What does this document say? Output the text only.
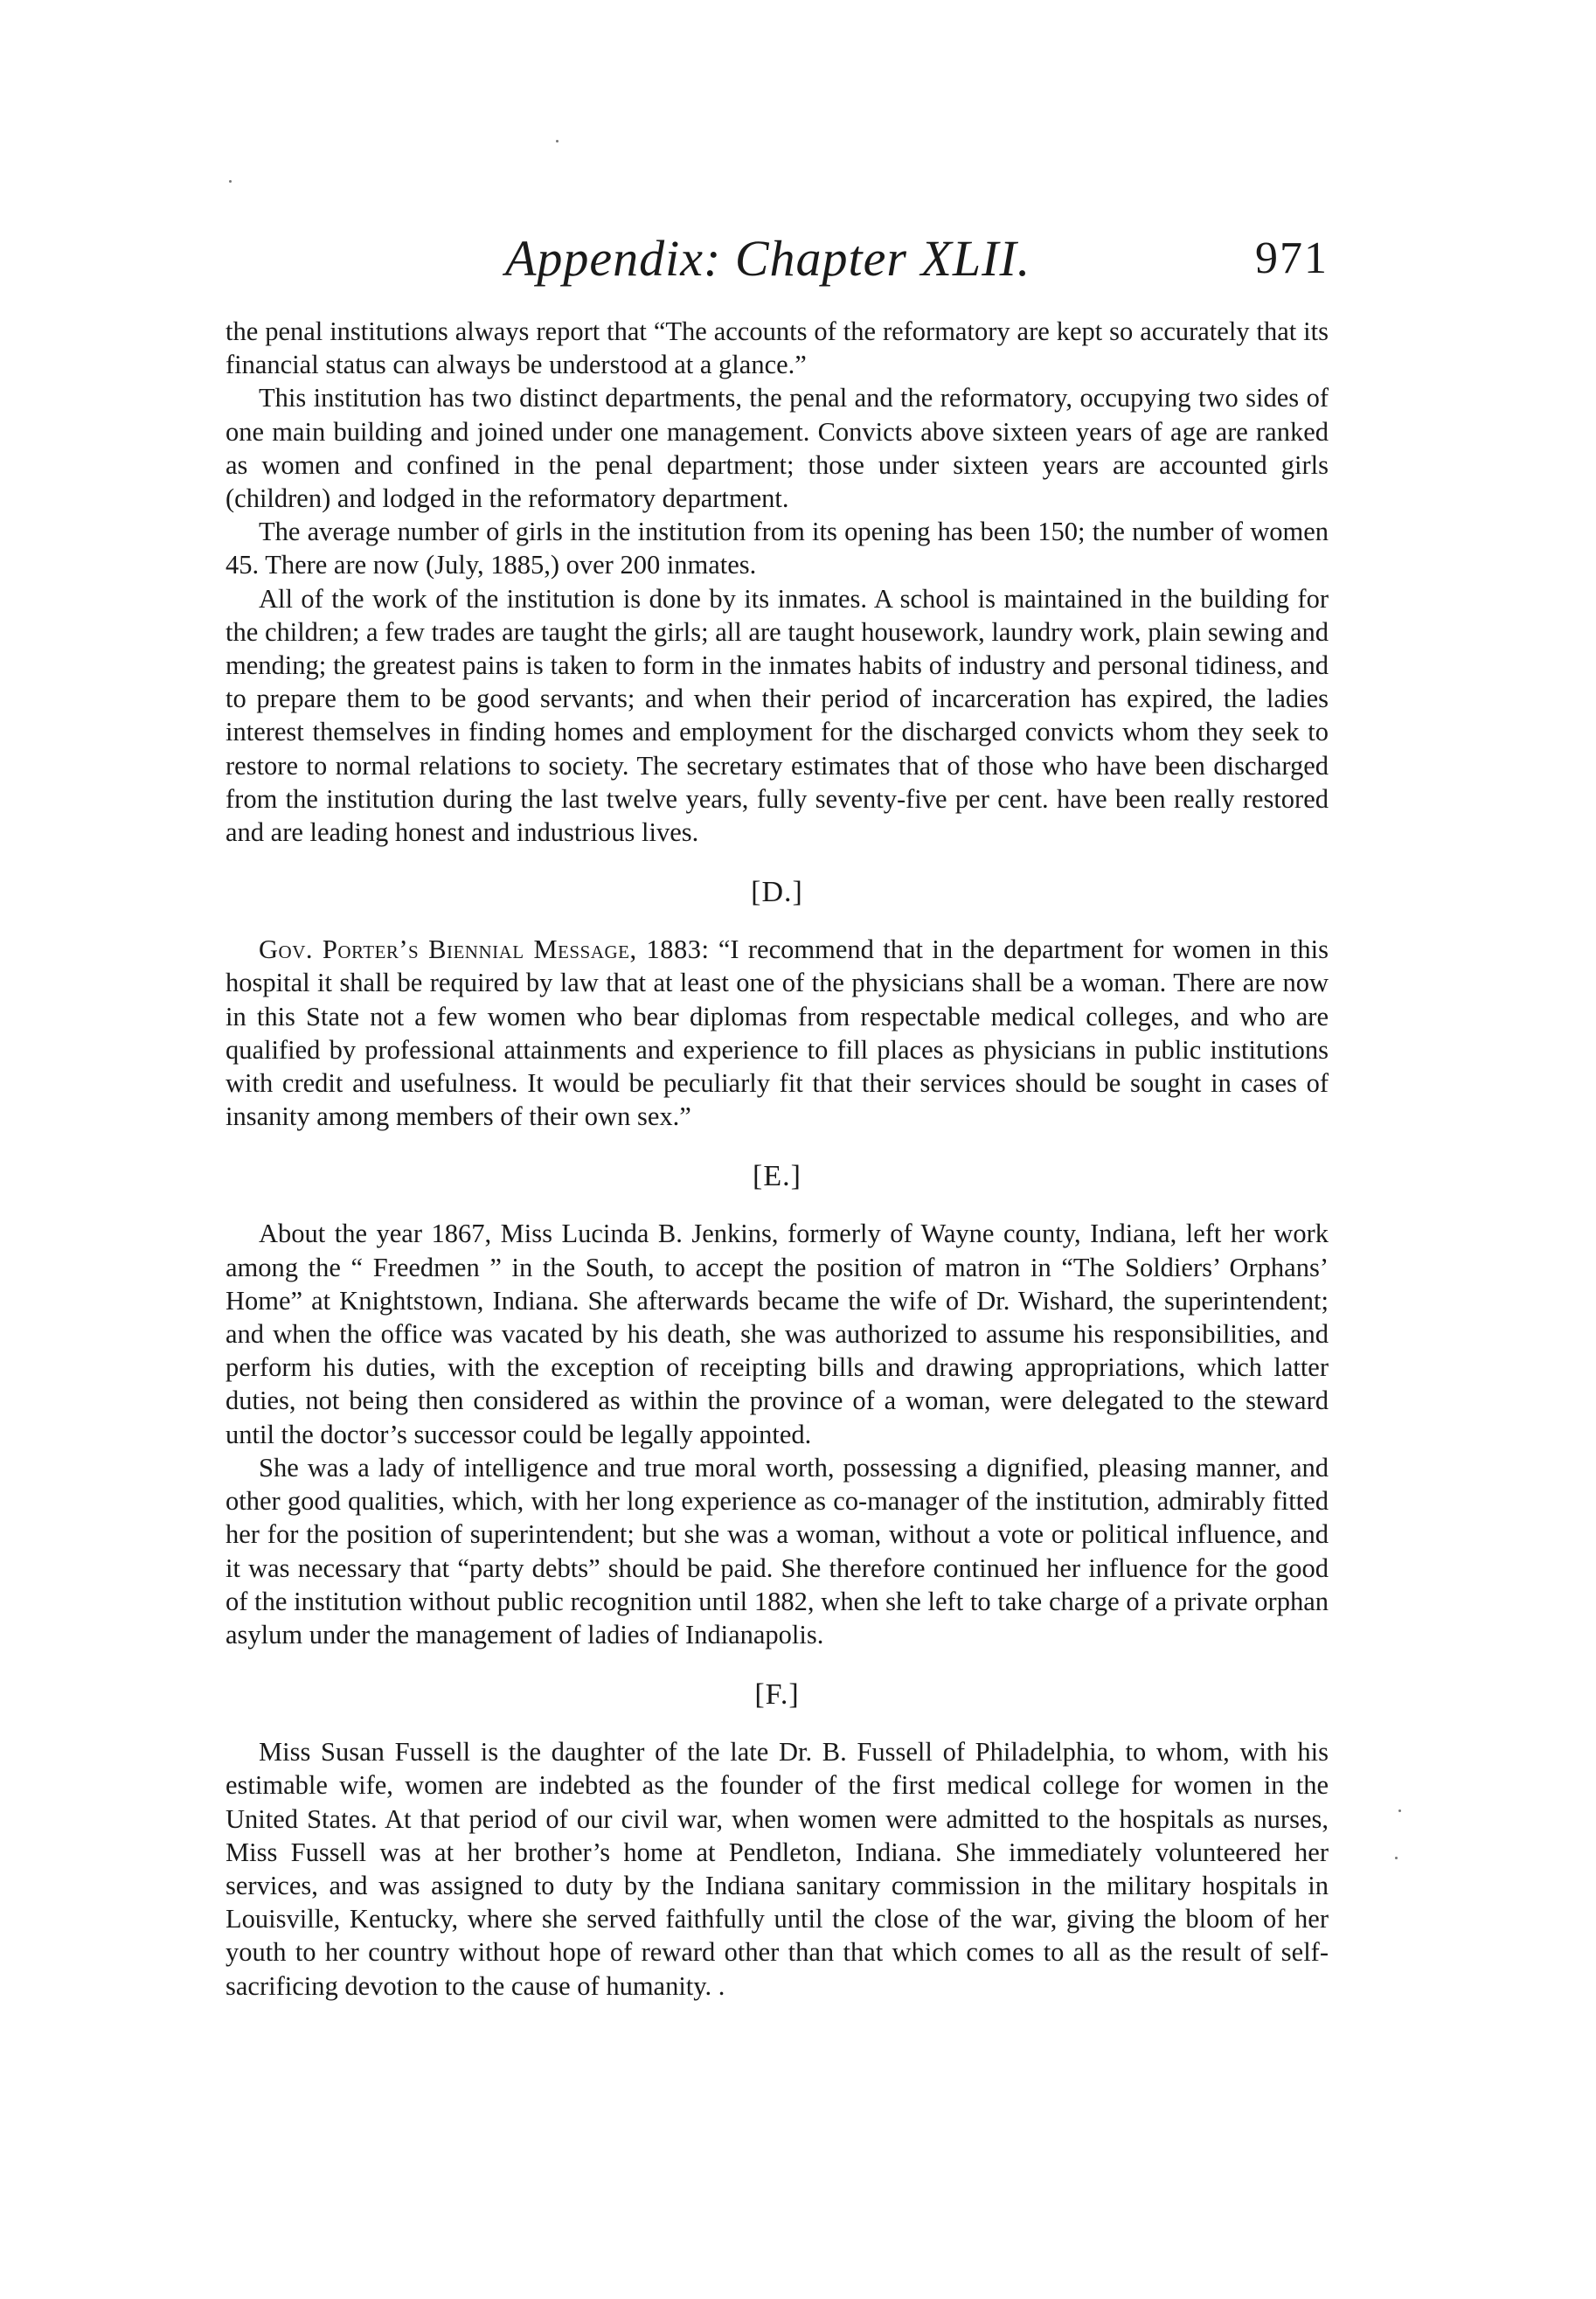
Appendix: Chapter XLII.	971

the penal institutions always report that “The accounts of the reformatory are kept so accurately that its financial status can always be understood at a glance.”

This institution has two distinct departments, the penal and the reformatory, occupying two sides of one main building and joined under one management. Convicts above sixteen years of age are ranked as women and confined in the penal department; those under sixteen years are accounted girls (children) and lodged in the reformatory department.

The average number of girls in the institution from its opening has been 150; the number of women 45. There are now (July, 1885,) over 200 inmates.

All of the work of the institution is done by its inmates. A school is maintained in the building for the children; a few trades are taught the girls; all are taught housework, laundry work, plain sewing and mending; the greatest pains is taken to form in the inmates habits of industry and personal tidiness, and to prepare them to be good servants; and when their period of incarceration has expired, the ladies interest themselves in finding homes and employment for the discharged convicts whom they seek to restore to normal relations to society. The secretary estimates that of those who have been discharged from the institution during the last twelve years, fully seventy-five per cent. have been really restored and are leading honest and industrious lives.

[D.]

Gov. Porter’s Biennial Message, 1883: “I recommend that in the department for women in this hospital it shall be required by law that at least one of the physicians shall be a woman. There are now in this State not a few women who bear diplomas from respectable medical colleges, and who are qualified by professional attainments and experience to fill places as physicians in public institutions with credit and usefulness. It would be peculiarly fit that their services should be sought in cases of insanity among members of their own sex.”

[E.]

About the year 1867, Miss Lucinda B. Jenkins, formerly of Wayne county, Indiana, left her work among the “ Freedmen ” in the South, to accept the position of matron in “The Soldiers’ Orphans’ Home” at Knightstown, Indiana. She afterwards became the wife of Dr. Wishard, the superintendent; and when the office was vacated by his death, she was authorized to assume his responsibilities, and perform his duties, with the exception of receipting bills and drawing appropriations, which latter duties, not being then considered as within the province of a woman, were delegated to the steward until the doctor’s successor could be legally appointed.

She was a lady of intelligence and true moral worth, possessing a dignified, pleasing manner, and other good qualities, which, with her long experience as co-manager of the institution, admirably fitted her for the position of superintendent; but she was a woman, without a vote or political influence, and it was necessary that “party debts” should be paid. She therefore continued her influence for the good of the institution without public recognition until 1882, when she left to take charge of a private orphan asylum under the management of ladies of Indianapolis.

[F.]

Miss Susan Fussell is the daughter of the late Dr. B. Fussell of Philadelphia, to whom, with his estimable wife, women are indebted as the founder of the first medical college for women in the United States. At that period of our civil war, when women were admitted to the hospitals as nurses, Miss Fussell was at her brother’s home at Pendleton, Indiana. She immediately volunteered her services, and was assigned to duty by the Indiana sanitary commission in the military hospitals in Louisville, Kentucky, where she served faithfully until the close of the war, giving the bloom of her youth to her country without hope of reward other than that which comes to all as the result of self-sacrificing devotion to the cause of humanity. .
